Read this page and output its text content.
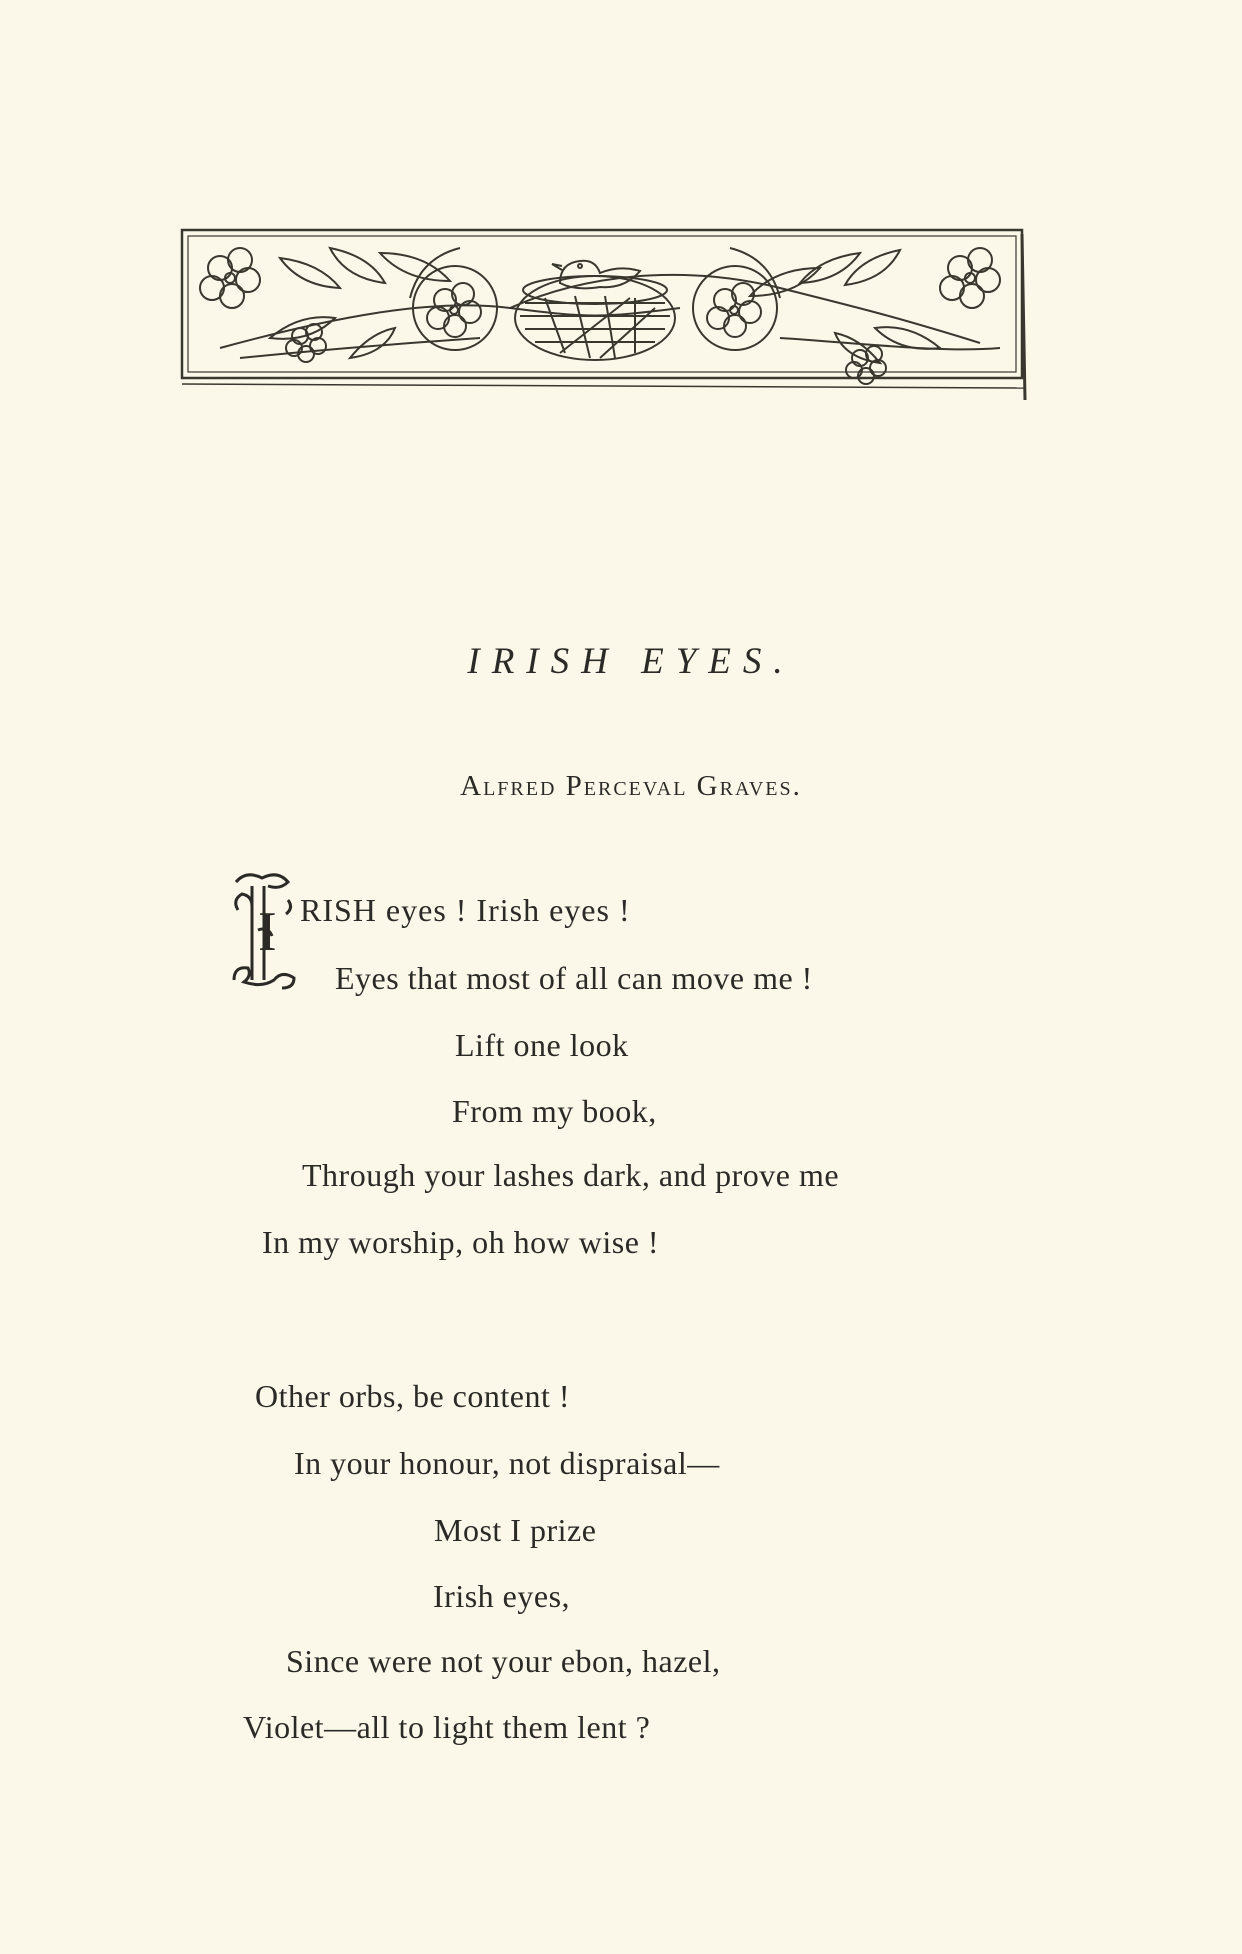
IRISH EYES.
Alfred Perceval Graves.
I RISH eyes ! Irish eyes !
Eyes that most of all can move me !
Lift one look
From my book,
Through your lashes dark, and prove me
In my worship, oh how wise !
Other orbs, be content !
In your honour, not dispraisal—
Most I prize
Irish eyes,
Since were not your ebon, hazel,
Violet—all to light them lent ?
